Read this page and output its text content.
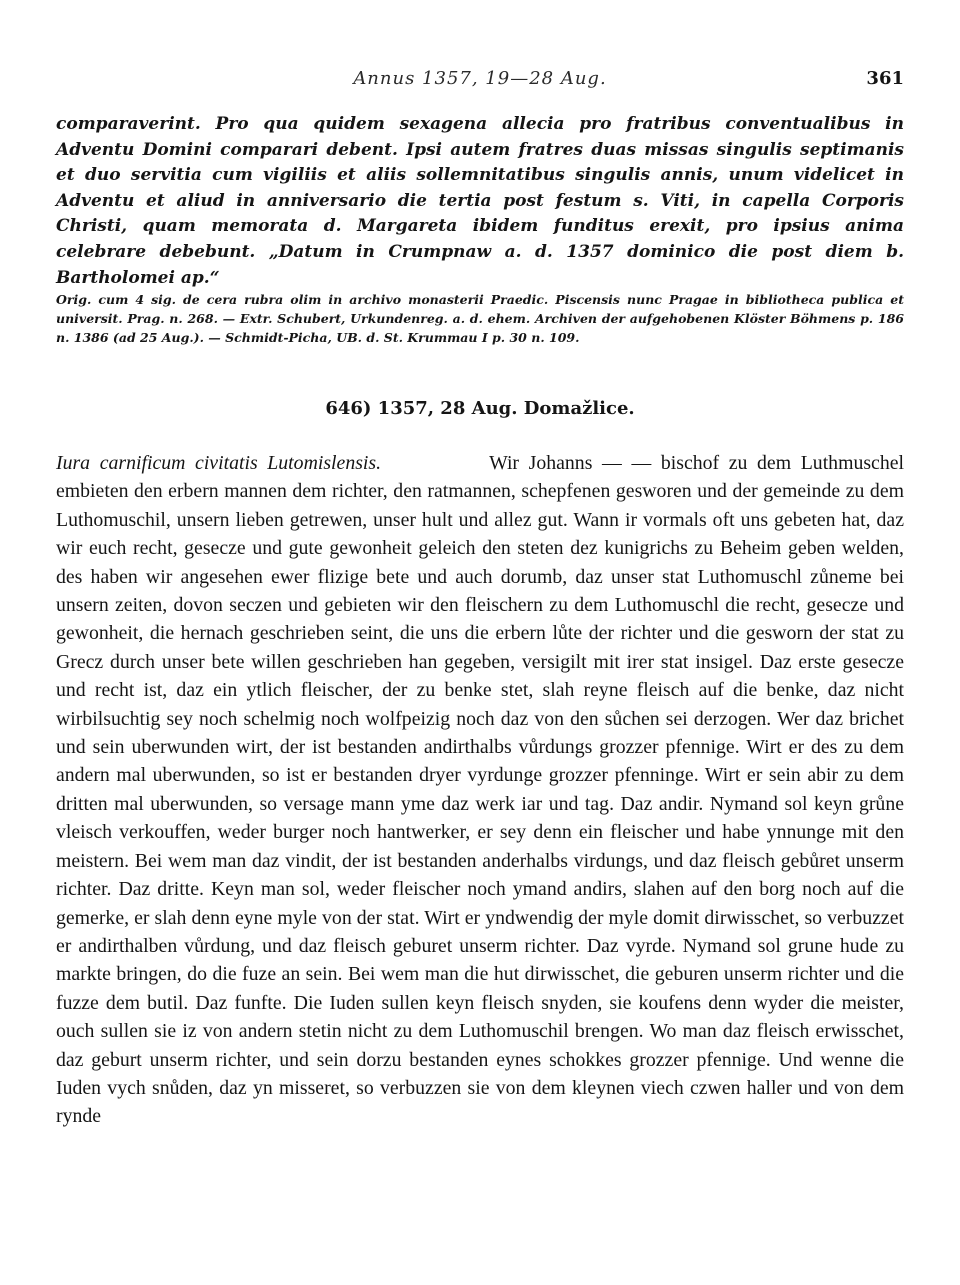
Annus 1357, 19—28 Aug.	361
comparaverint. Pro qua quidem sexagena allecia pro fratribus conventualibus in Adventu Domini comparari debent. Ipsi autem fratres duas missas singulis septimanis et duo servitia cum vigiliis et aliis sollemnitatibus singulis annis, unum videlicet in Adventu et aliud in anniversario die tertia post festum s. Viti, in capella Corporis Christi, quam memorata d. Margareta ibidem funditus erexit, pro ipsius anima celebrare debebunt. „Datum in Crumpnaw a. d. 1357 dominico die post diem b. Bartholomei ap.“
Orig. cum 4 sig. de cera rubra olim in archivo monasterii Praedic. Piscensis nunc Pragae in bibliotheca publica et universit. Prag. n. 268. — Extr. Schubert, Urkundenreg. a. d. ehem. Archiven der aufgehobenen Klöster Böhmens p. 186 n. 1386 (ad 25 Aug.). — Schmidt-Picha, UB. d. St. Krummau I p. 30 n. 109.
646) 1357, 28 Aug. Domažlice.

Iura carnificum civitatis Lutomislensis.	Wir Johanns — — bischof zu dem Luthmuschel embieten den erbern mannen dem richter, den ratmannen, schepfenen gesworen und der gemeinde zu dem Luthomuschil, unsern lieben getrewen, unser hult und allez gut. Wann ir vormals oft uns gebeten hat, daz wir euch recht, gesecze und gute gewonheit geleich den steten dez kunigrichs zu Beheim geben welden, des haben wir angesehen ewer flizige bete und auch dorumb, daz unser stat Luthomuschl zůneme bei unsern zeiten, dovon seczen und gebieten wir den fleischern zu dem Luthomuschl die recht, gesecze und gewonheit, die hernach geschrieben seint, die uns die erbern lůte der richter und die gesworn der stat zu Grecz durch unser bete willen geschrieben han gegeben, versigilt mit irer stat insigel. Daz erste gesecze und recht ist, daz ein ytlich fleischer, der zu benke stet, slah reyne fleisch auf die benke, daz nicht wirbilsuchtig sey noch schelmig noch wolfpeizig noch daz von den sůchen sei derzogen. Wer daz brichet und sein uberwunden wirt, der ist bestanden andirthalbs vůrdungs grozzer pfennige. Wirt er des zu dem andern mal uberwunden, so ist er bestanden dryer vyrdunge grozzer pfenninge. Wirt er sein abir zu dem dritten mal uberwunden, so versage mann yme daz werk iar und tag. Daz andir. Nymand sol keyn grůne vleisch verkouffen, weder burger noch hantwerker, er sey denn ein fleischer und habe ynnunge mit den meistern. Bei wem man daz vindit, der ist bestanden anderhalbs virdungs, und daz fleisch gebůret unserm richter. Daz dritte. Keyn man sol, weder fleischer noch ymand andirs, slahen auf den borg noch auf die gemerke, er slah denn eyne myle von der stat. Wirt er yndwendig der myle domit dirwisschet, so verbuzzet er andirthalben vůrdung, und daz fleisch geburet unserm richter. Daz vyrde. Nymand sol grune hude zu markte bringen, do die fuze an sein. Bei wem man die hut dirwisschet, die geburen unserm richter und die fuzze dem butil. Daz funfte. Die Iuden sullen keyn fleisch snyden, sie koufens denn wyder die meister, ouch sullen sie iz von andern stetin nicht zu dem Luthomuschil brengen. Wo man daz fleisch erwisschet, daz geburt unserm richter, und sein dorzu bestanden eynes schokkes grozzer pfennige. Und wenne die Iuden vych snůden, daz yn misseret, so verbuzzen sie von dem kleynen viech czwen haller und von dem rynde
